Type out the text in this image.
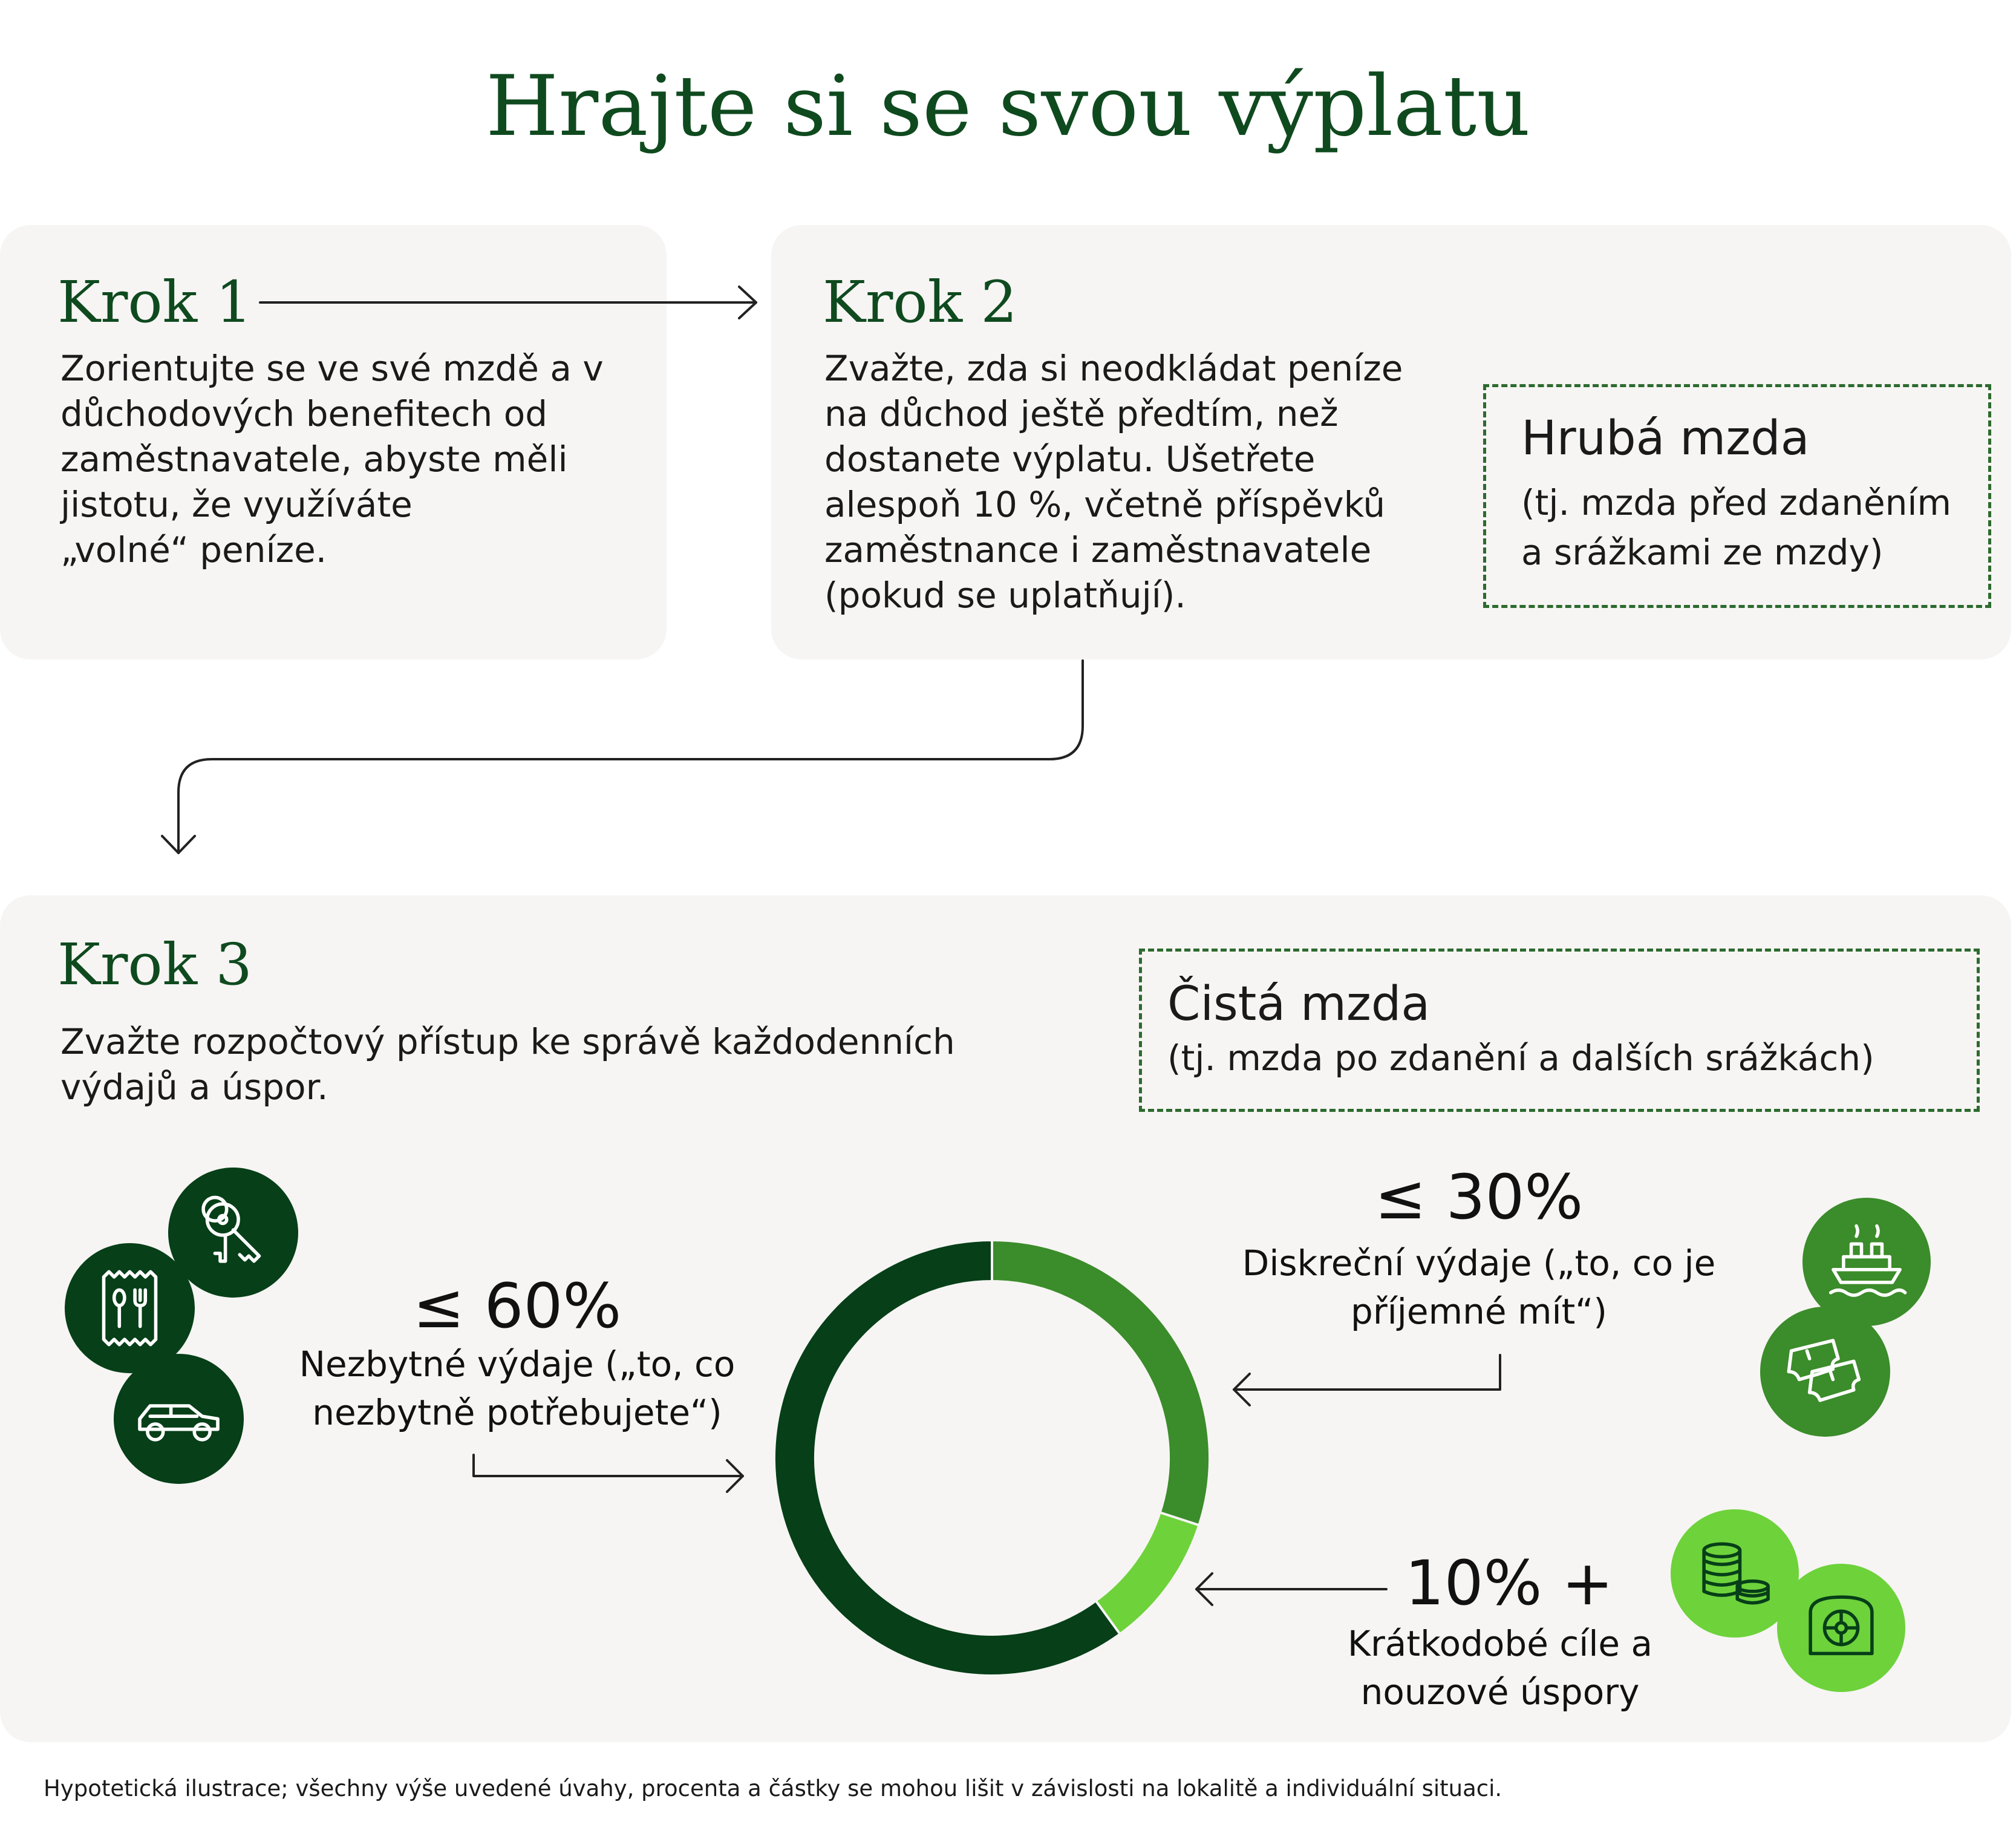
Hrajte si se svou výplatu
Krok 1
Zorientujte se ve své mzdě a v
důchodových benefitech od
zaměstnavatele, abyste měli
jistotu, že využíváte
„volné“ peníze.
Krok 2
Zvažte, zda si neodkládat peníze
na důchod ještě předtím, než
dostanete výplatu. Ušetřete
alespoň 10 %, včetně příspěvků
zaměstnance i zaměstnavatele
(pokud se uplatňují).
Hrubá mzda
(tj. mzda před zdaněním
a srážkami ze mzdy)
Krok 3
Zvažte rozpočtový přístup ke správě každodenních
výdajů a úspor.
Čistá mzda
(tj. mzda po zdanění a dalších srážkách)
≤ 60%
Nezbytné výdaje („to, co
nezbytně potřebujete“)
≤ 30%
Diskreční výdaje („to, co je
příjemné mít“)
10% +
Krátkodobé cíle a
nouzové úspory
Hypotetická ilustrace; všechny výše uvedené úvahy, procenta a částky se mohou lišit v závislosti na lokalitě a individuální situaci.
